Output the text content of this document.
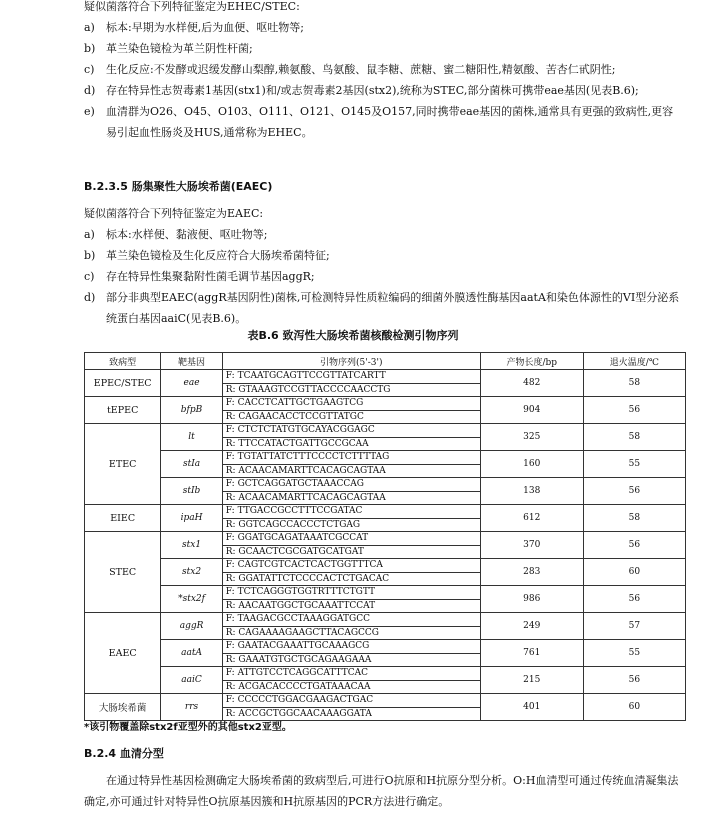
疑似菌落符合下列特征鉴定为EHEC/STEC:
a)	标本:早期为水样便,后为血便、呕吐物等;
b) 革兰染色镜检为革兰阴性杆菌;
c)	生化反应:不发酵或迟缓发酵山梨醇,赖氨酸、鸟氨酸、鼠李糖、蔗糖、蜜二糖阳性,精氨酸、苦杏仁甙阴性;
d) 存在特异性志贺毒素1基因(stx1)和/或志贺毒素2基因(stx2),统称为STEC,部分菌株可携带eae基因(见表B.6);
e)	血清群为O26、O45、O103、O111、O121、O145及O157,同时携带eae基因的菌株,通常具有更强的致病性,更容易引起血性肠炎及HUS,通常称为EHEC。
B.2.3.5 肠集聚性大肠埃希菌(EAEC)
疑似菌落符合下列特征鉴定为EAEC:
a)	标本:水样便、黏液便、呕吐物等;
b) 革兰染色镜检及生化反应符合大肠埃希菌特征;
c)	存在特异性集聚黏附性菌毛调节基因aggR;
d) 部分非典型EAEC(aggR基因阴性)菌株,可检测特异性质粒编码的细菌外膜透性酶基因aatA和染色体源性的VI型分泌系统蛋白基因aaiC(见表B.6)。
表B.6 致泻性大肠埃希菌核酸检测引物序列
致病型	靶基因	引物序列(5'-3')	产物长度/bp	退火温度/℃
EPEC/STEC	eae	F: TCAATGCAGTTCCGTTATCARTT	482	58
		R: GTAAAGTCCGTTACCCCAACCTG		
tEPEC	bfpB	F: CACCTCATTGCTGAAGTCG	904	56
		R: CAGAACACCTCCGTTATGC		
ETEC	lt	F: CTCTCTATGTGCAYACGGAGC	325	58
		R: TTCCATACTGATTGCCGCAA		
	stIa	F: TGTATTATCTTTCCCCTCTTTTAG	160	55
		R: ACAACAMARTTCACAGCAGTAA		
	stIb	F: GCTCAGGATGCTAAACCAG	138	56
		R: ACAACAMARTTCACAGCAGTAA		
EIEC	ipaH	F: TTGACCGCCTTTCCGATAC	612	58
		R: GGTCAGCCACCCTCTGAG		
STEC	stx1	F: GGATGCAGATAAATCGCCAT	370	56
		R: GCAACTCGCGATGCATGAT		
	stx2	F: CAGTCGTCACTCACTGGTTTCA	283	60
		R: GGATATTCTCCCCACTCTGACAC		
	*stx2f	F: TCTCAGGGTGGTRTTTCTGTT	986	56
		R: AACAATGGCTGCAAATTCCAT		
EAEC	aggR	F: TAAGACGCCTAAAGGATGCC	249	57
		R: CAGAAAAGAAGCTTACAGCCG		
	aatA	F: GAATACGAAATTGCAAAGCG	761	55
		R: GAAATGTGCTGCAGAAGAAA		
	aaiC	F: ATTGTCCTCAGGCATTTCAC	215	56
		R: ACGACACCCCTGATAAACAA		
大肠埃希菌	rrs	F: CCCCCTGGACGAAGACTGAC	401	60
		R: ACCGCTGGCAACAAAGGATA		
*该引物覆盖除stx2f亚型外的其他stx2亚型。
B.2.4 血清分型
在通过特异性基因检测确定大肠埃希菌的致病型后,可进行O抗原和H抗原分型分析。O:H血清型可通过传统血清凝集法确定,亦可通过针对特异性O抗原基因簇和H抗原基因的PCR方法进行确定。
